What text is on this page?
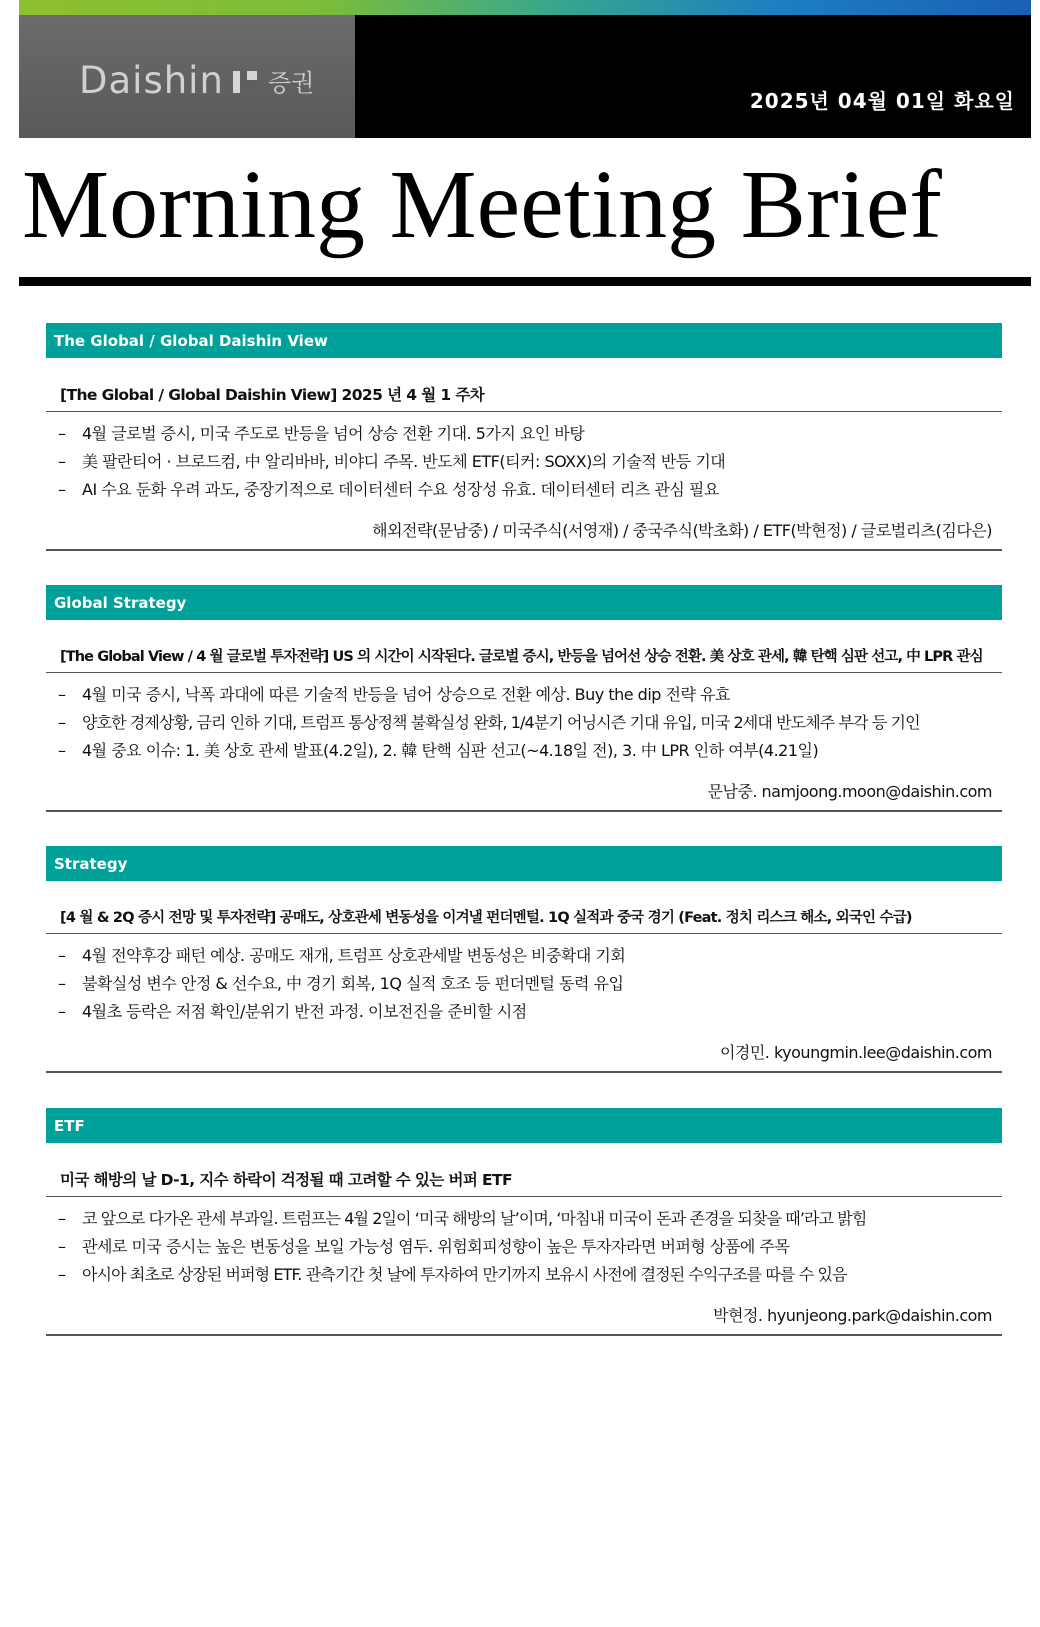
Daishin 증권
2025년 04월 01일 화요일
Morning Meeting Brief
The Global / Global Daishin View
[The Global / Global Daishin View] 2025 년 4 월 1 주차
–	4월 글로벌 증시, 미국 주도로 반등을 넘어 상승 전환 기대. 5가지 요인 바탕
–	美 팔란티어 · 브로드컴, 中 알리바바, 비야디 주목. 반도체 ETF(티커: SOXX)의 기술적 반등 기대
–	AI 수요 둔화 우려 과도, 중장기적으로 데이터센터 수요 성장성 유효. 데이터센터 리츠 관심 필요
해외전략(문남중) / 미국주식(서영재) / 중국주식(박초화) / ETF(박현정) / 글로벌리츠(김다은)
Global Strategy
[The Global View / 4 월 글로벌 투자전략] US 의 시간이 시작된다. 글로벌 증시, 반등을 넘어선 상승 전환. 美 상호 관세, 韓 탄핵 심판 선고, 中 LPR 관심
–	4월 미국 증시, 낙폭 과대에 따른 기술적 반등을 넘어 상승으로 전환 예상. Buy the dip 전략 유효
–	양호한 경제상황, 금리 인하 기대, 트럼프 통상정책 불확실성 완화, 1/4분기 어닝시즌 기대 유입, 미국 2세대 반도체주 부각 등 기인
–	4월 중요 이슈: 1. 美 상호 관세 발표(4.2일), 2. 韓 탄핵 심판 선고(~4.18일 전), 3. 中 LPR 인하 여부(4.21일)
문남중. namjoong.moon@daishin.com
Strategy
[4 월 & 2Q 증시 전망 및 투자전략] 공매도, 상호관세 변동성을 이겨낼 펀더멘털. 1Q 실적과 중국 경기 (Feat. 정치 리스크 해소, 외국인 수급)
–	4월 전약후강 패턴 예상. 공매도 재개, 트럼프 상호관세발 변동성은 비중확대 기회
–	불확실성 변수 안정 & 선수요, 中 경기 회복, 1Q 실적 호조 등 펀더멘털 동력 유입
–	4월초 등락은 저점 확인/분위기 반전 과정. 이보전진을 준비할 시점
이경민. kyoungmin.lee@daishin.com
ETF
미국 해방의 날 D-1, 지수 하락이 걱정될 때 고려할 수 있는 버퍼 ETF
–	코 앞으로 다가온 관세 부과일. 트럼프는 4월 2일이 ‘미국 해방의 날’이며, ‘마침내 미국이 돈과 존경을 되찾을 때’라고 밝힘
–	관세로 미국 증시는 높은 변동성을 보일 가능성 염두. 위험회피성향이 높은 투자자라면 버퍼형 상품에 주목
–	아시아 최초로 상장된 버퍼형 ETF. 관측기간 첫 날에 투자하여 만기까지 보유시 사전에 결정된 수익구조를 따를 수 있음
박현정. hyunjeong.park@daishin.com
